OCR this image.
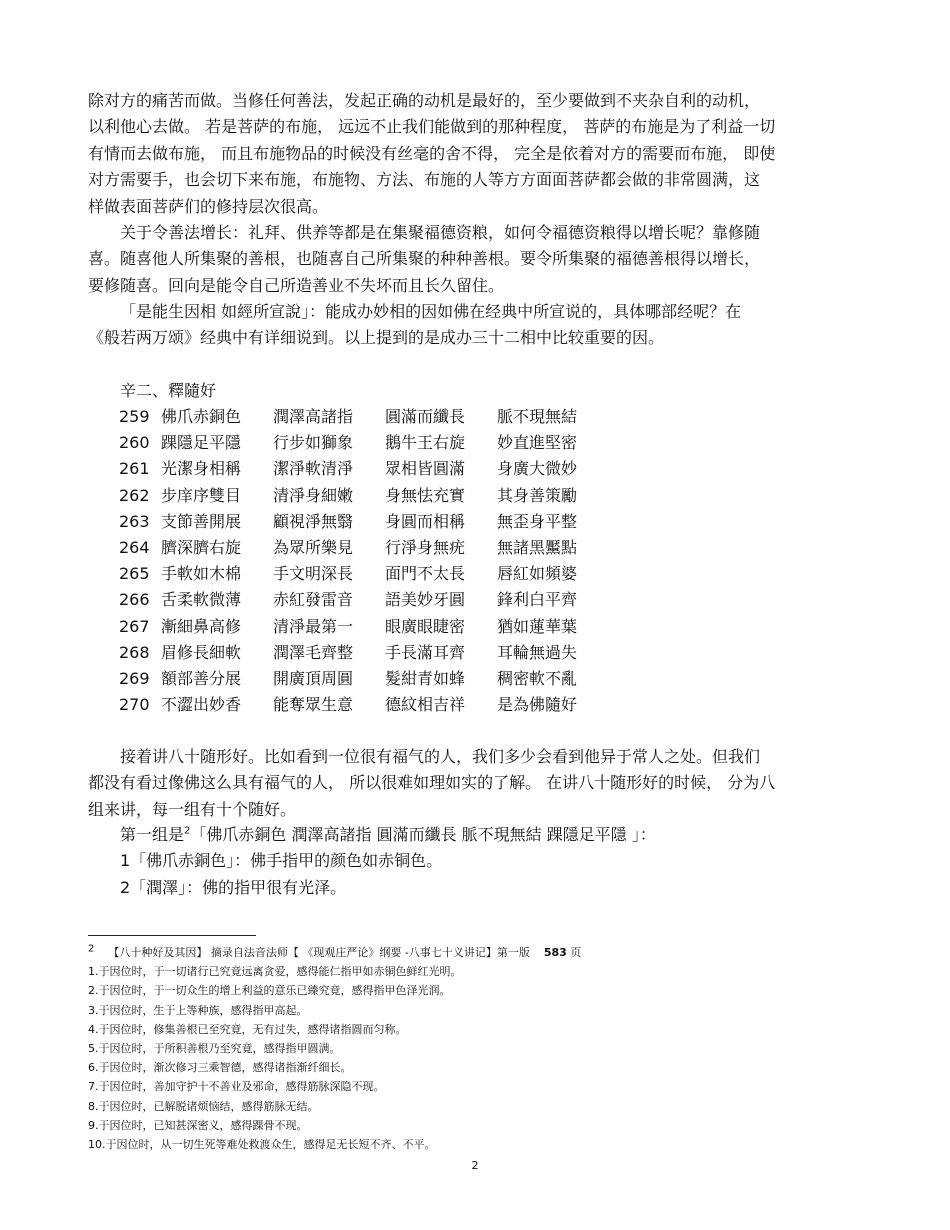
除对方的痛苦而做。当修任何善法，发起正确的动机是最好的，至少要做到不夹杂自利的动机，
以利他心去做。 若是菩萨的布施， 远远不止我们能做到的那种程度， 菩萨的布施是为了利益一切
有情而去做布施， 而且布施物品的时候没有丝毫的舍不得， 完全是依着对方的需要而布施， 即使
对方需要手，也会切下来布施，布施物、方法、布施的人等方方面面菩萨都会做的非常圆满，这
样做表面菩萨们的修持层次很高。
关于令善法增长：礼拜、供养等都是在集聚福德资粮，如何令福德资粮得以增长呢？靠修随
喜。随喜他人所集聚的善根，也随喜自己所集聚的种种善根。要令所集聚的福德善根得以增长，
要修随喜。回向是能令自己所造善业不失坏而且长久留住。
「是能生因相 如經所宣說」：能成办妙相的因如佛在经典中所宣说的，具体哪部经呢？在
《般若两万颂》经典中有详细说到。以上提到的是成办三十二相中比较重要的因。
辛二、釋隨好
259 佛爪赤銅色 潤澤高諸指 圓滿而纖長 脈不現無結
260 踝隱足平隱 行步如獅象 鵝牛王右旋 妙直進堅密
261 光潔身相稱 潔淨軟清淨 眾相皆圓滿 身廣大微妙
262 步庠序雙目 清淨身細嫩 身無怯充實 其身善策勵
263 支節善開展 顧視淨無翳 身圓而相稱 無歪身平整
264 臍深臍右旋 為眾所樂見 行淨身無疣 無諸黑黶點
265 手軟如木棉 手文明深長 面門不太長 唇紅如頻婆
266 舌柔軟微薄 赤紅發雷音 語美妙牙圓 鋒利白平齊
267 漸細鼻高修 清淨最第一 眼廣眼睫密 猶如蓮華葉
268 眉修長細軟 潤澤毛齊整 手長滿耳齊 耳輪無過失
269 額部善分展 開廣頂周圓 髮紺青如蜂 稠密軟不亂
270 不澀出妙香 能奪眾生意 德紋相吉祥 是為佛隨好
接着讲八十随形好。比如看到一位很有福气的人，我们多少会看到他异于常人之处。但我们
都没有看过像佛这么具有福气的人， 所以很难如理如实的了解。 在讲八十随形好的时候， 分为八
组来讲，每一组有十个随好。
第一组是$^2$「佛爪赤銅色 潤澤高諸指 圓滿而纖長 脈不現無結 踝隱足平隱 」：
1「佛爪赤銅色」：佛手指甲的颜色如赤铜色。
2「潤澤」：佛的指甲很有光泽。
2 【八十种好及其因】 摘录自法音法师【 《现观庄严论》纲要 -八事七十义讲记】第一版 583 页
1.于因位时，于一切诸行已究竟远离贪爱，感得能仁指甲如赤铜色鲜红光明。
2.于因位时，于一切众生的增上利益的意乐已臻究竟，感得指甲色泽光润。
3.于因位时，生于上等种族，感得指甲高起。
4.于因位时，修集善根已至究竟，无有过失，感得诸指圆而匀称。
5.于因位时，于所积善根乃至究竟，感得指甲圆满。
6.于因位时，渐次修习三乘智德，感得诸指渐纤细长。
7.于因位时，善加守护十不善业及邪命，感得筋脉深隐不现。
8.于因位时，已解脱诸烦恼结，感得筋脉无结。
9.于因位时，已知甚深密义，感得踝骨不现。
10.于因位时，从一切生死等难处救渡众生，感得足无长短不齐、不平。
2
